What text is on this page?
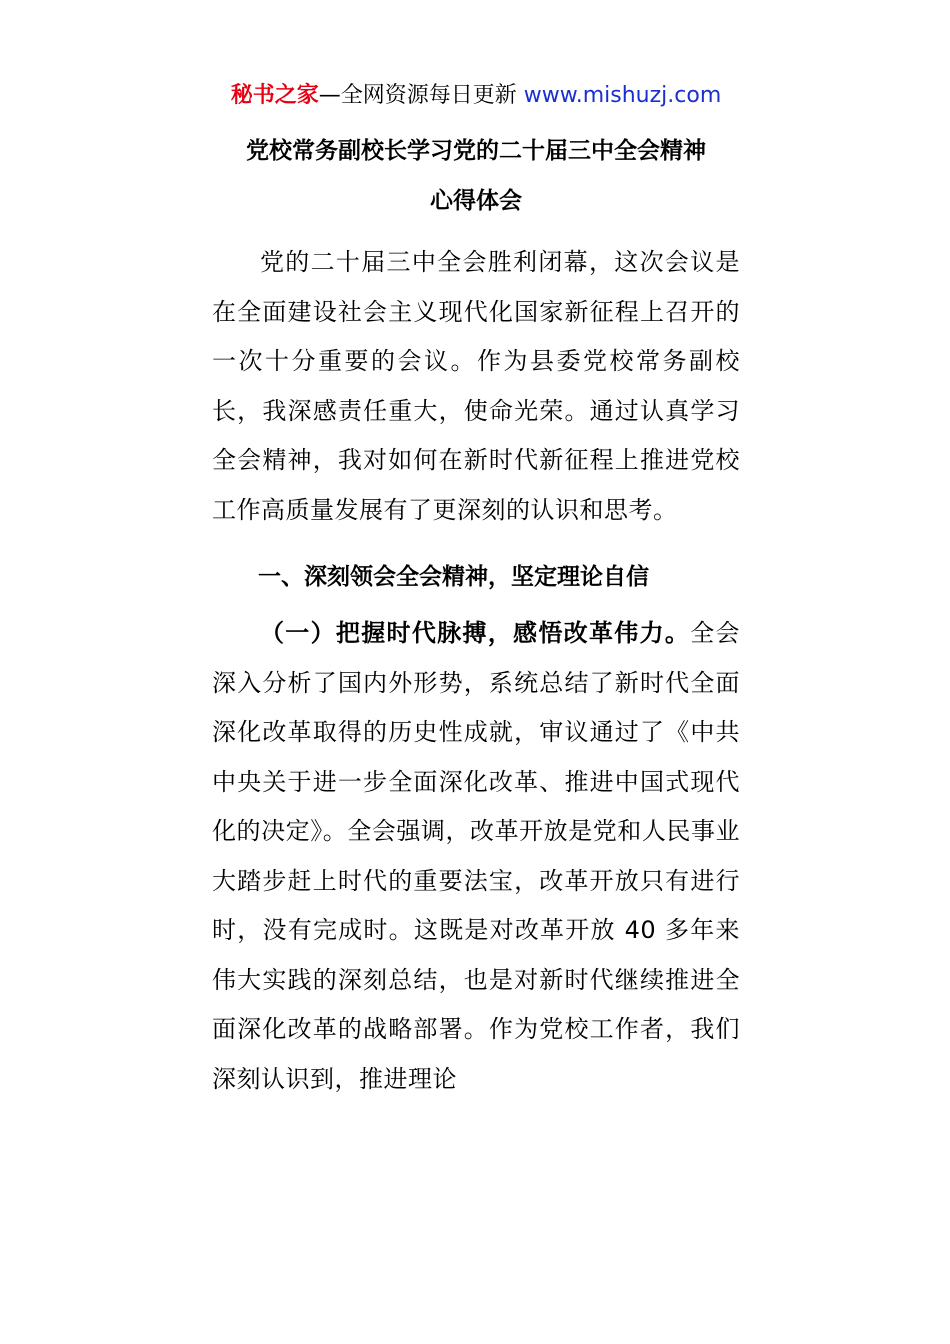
秘书之家—全网资源每日更新 www.mishuzj.com
党校常务副校长学习党的二十届三中全会精神
心得体会

党的二十届三中全会胜利闭幕，这次会议是在全面建设社会主义现代化国家新征程上召开的一次十分重要的会议。作为县委党校常务副校长，我深感责任重大，使命光荣。通过认真学习全会精神，我对如何在新时代新征程上推进党校工作高质量发展有了更深刻的认识和思考。

一、深刻领会全会精神，坚定理论自信

（一）把握时代脉搏，感悟改革伟力。全会深入分析了国内外形势，系统总结了新时代全面深化改革取得的历史性成就，审议通过了《中共中央关于进一步全面深化改革、推进中国式现代化的决定》。全会强调，改革开放是党和人民事业大踏步赶上时代的重要法宝，改革开放只有进行时，没有完成时。这既是对改革开放 40 多年来伟大实践的深刻总结，也是对新时代继续推进全面深化改革的战略部署。作为党校工作者，我们深刻认识到，推进理论
